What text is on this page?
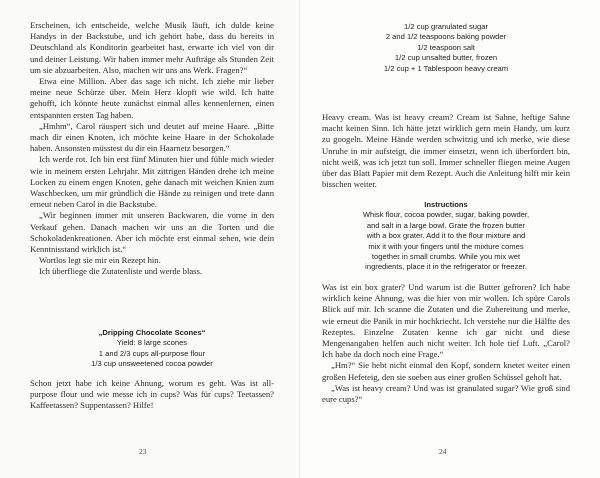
Erscheinen, ich entscheide, welche Musik läuft, ich dulde keine Handys in der Backstube, und ich gehört habe, dass du bereits in Deutschland als Konditorin gearbeitet hast, erwarte ich viel von dir und deiner Leistung. Wir haben immer mehr Aufträge als Stunden Zeit um sie abzuarbeiten. Also, machen wir uns ans Werk. Fragen?“

Etwa eine Million. Aber das sage ich nicht. Ich ziehe mir lieber meine neue Schürze über. Mein Herz klopft wie wild. Ich hatte gehofft, ich könnte heute zunächst einmal alles kennenlernen, einen entspannten ersten Tag haben.

„Hmhm“, Carol räuspert sich und deutet auf meine Haare. „Bitte mach dir einen Knoten, ich möchte keine Haare in der Schokolade haben. Ansonsten müsstest du dir ein Haarnetz besorgen.“

Ich werde rot. Ich bin erst fünf Minuten hier und fühle mich wieder wie in meinem ersten Lehrjahr. Mit zittrigen Händen drehe ich meine Locken zu einem engen Knoten, gehe danach mit weichen Knien zum Waschbecken, um mir gründlich die Hände zu reinigen und trete dann erneut neben Carol in die Backstube.

„Wir beginnen immer mit unseren Backwaren, die vorne in den Verkauf gehen. Danach machen wir uns an die Torten und die Schokoladenkreationen. Aber ich möchte erst einmal sehen, wie dein Kenntnisstand wirklich ist.“

Wortlos legt sie mir ein Rezept hin.

Ich überfliege die Zutatenliste und werde blass.

„Dripping Chocolate Scones“
Yield: 8 large scones
1 and 2/3 cups all-purpose flour
1/3 cup unsweetened cocoa powder

Schon jetzt habe ich keine Ahnung, worum es geht. Was ist all-purpose flour und wie messe ich in cups? Was für cups? Teetassen? Kaffeetassen? Suppentassen? Hilfe!

23
1/2 cup granulated sugar
2 and 1/2 teaspoons baking powder
1/2 teaspoon salt
1/2 cup unsalted butter, frozen
1/2 cup + 1 Tablespoon heavy cream

Heavy cream. Was ist heavy cream? Cream ist Sahne, heftige Sahne macht keinen Sinn. Ich hätte jetzt wirklich gern mein Handy, um kurz zu googeln. Meine Hände werden schwitzig und ich merke, wie diese Unruhe in mir aufsteigt, die immer einsetzt, wenn ich überfordert bin, nicht weiß, was ich jetzt tun soll. Immer schneller fliegen meine Augen über das Blatt Papier mit dem Rezept. Auch die Anleitung hilft mir kein bisschen weiter.

Instructions
Whisk flour, cocoa powder, sugar, baking powder,
and salt in a large bowl. Grate the frozen butter
with a box grater. Add it to the flour mixture and
mix it with your fingers until the mixture comes
together in small crumbs. While you mix wet
ingredients, place it in the refrigerator or freezer.

Was ist ein box grater? Und warum ist die Butter gefroren? Ich habe wirklich keine Ahnung, was die hier von mir wollen. Ich spüre Carols Blick auf mir. Ich scanne die Zutaten und die Zubereitung und merke, wie erneut die Panik in mir hochkriecht. Ich verstehe nur die Hälfte des Rezeptes. Einzelne Zutaten kenne ich gar nicht und diese Mengenangaben helfen auch nicht weiter. Ich hole tief Luft. „Carol? Ich habe da doch noch eine Frage.“

„Hm?“ Sie hebt nicht einmal den Kopf, sondern knetet weiter einen großen Hefeteig, den sie soeben aus einer großen Schüssel geholt hat.

„Was ist heavy cream? Und was ist granulated sugar? Wie groß sind eure cups?“

24
